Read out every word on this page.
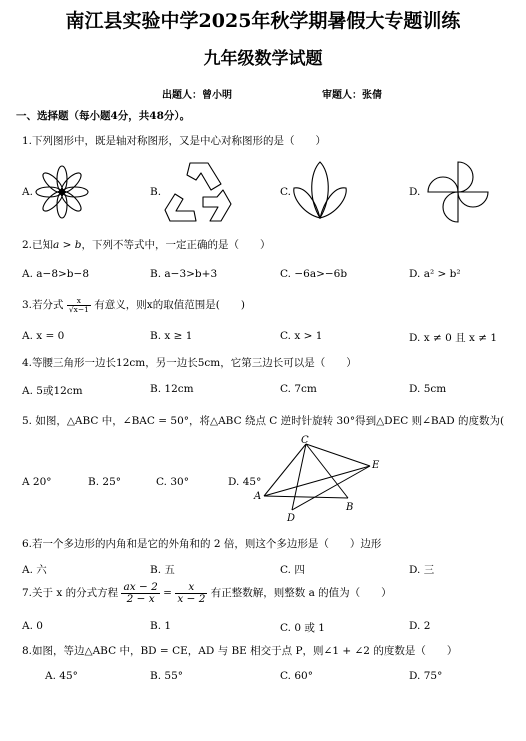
南江县实验中学2025年秋学期暑假大专题训练
九年级数学试题
出题人：曾小明	审题人：张倩
一、选择题（每小题4分，共48分）。
1.下列图形中，既是轴对称图形，又是中心对称图形的是（　　）
A.	B.	C.	D.
2.已知a > b，下列不等式中，一定正确的是（　　）
A. a−8>b−8	B. a−3>b+3	C. −6a>−6b	D. a² > b²
3.若分式 $\frac{x}{√x-1}$ 有意义，则x的取值范围是(　　)
A. x = 0	B. x ≥ 1	C. x > 1	D. x ≠ 0 且 x ≠ 1
4.等腰三角形一边长12cm，另一边长5cm，它第三边长可以是（　　）
A. 5或12cm	B. 12cm	C. 7cm	D. 5cm
5. 如图，△ABC 中，∠BAC = 50°，将△ABC 绕点 C 逆时针旋转 30°得到△DEC 则∠BAD 的度数为(
A 20°	B. 25°	C. 30°	D. 45°
C
E
A
D
B
6.若一个多边形的内角和是它的外角和的 2 倍，则这个多边形是（　　）边形
A. 六	B. 五	C. 四	D. 三
7.关于 x 的分式方程 $\frac{ax - 2}{2 - x} = \frac{x}{x - 2}$ 有正整数解，则整数 a 的值为（　　）
A. 0	B. 1	C. 0 或 1	D. 2
8.如图，等边△ABC 中，BD = CE，AD 与 BE 相交于点 P，则∠1 + ∠2 的度数是（　　）
A. 45°	B. 55°	C. 60°	D. 75°
